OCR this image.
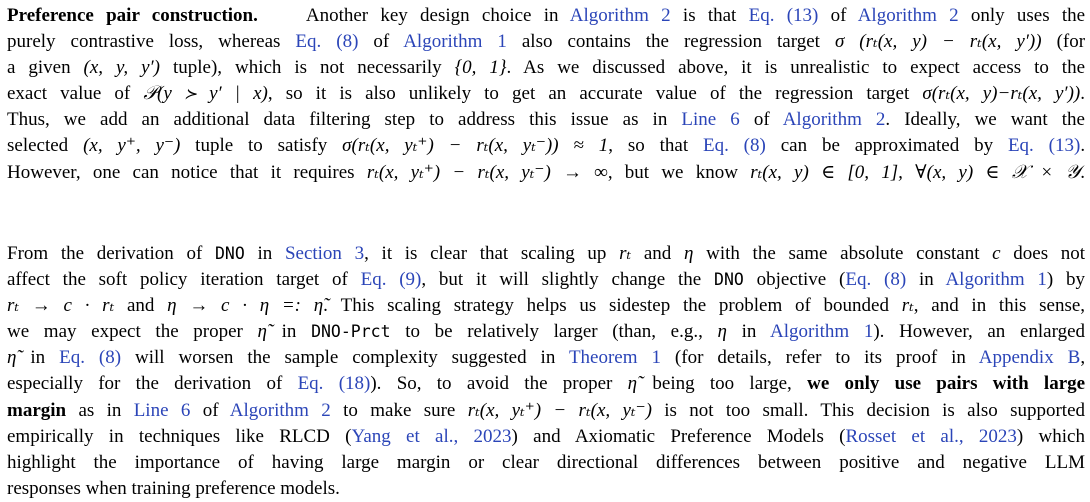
Preference pair construction.	Another key design choice in Algorithm 2 is that Eq. (13) of Algorithm 2 only uses the
purely contrastive loss, whereas Eq. (8) of Algorithm 1 also contains the regression target σ (rₜ(x, y) − rₜ(x, y′)) (for
a given (x, y, y′) tuple), which is not necessarily {0, 1}. As we discussed above, it is unrealistic to expect access to the
exact value of 𝒫(y ≻ y′ | x), so it is also unlikely to get an accurate value of the regression target σ(rₜ(x, y)−rₜ(x, y′)).
Thus, we add an additional data filtering step to address this issue as in Line 6 of Algorithm 2. Ideally, we want the
selected (x, y⁺, y⁻) tuple to satisfy σ(rₜ(x, yₜ⁺) − rₜ(x, yₜ⁻)) ≈ 1, so that Eq. (8) can be approximated by Eq. (13).
However, one can notice that it requires rₜ(x, yₜ⁺) − rₜ(x, yₜ⁻) → ∞, but we know rₜ(x, y) ∈ [0, 1], ∀(x, y) ∈ 𝒳 × 𝒴.
From the derivation of DNO in Section 3, it is clear that scaling up rₜ and η with the same absolute constant c does not
affect the soft policy iteration target of Eq. (9), but it will slightly change the DNO objective (Eq. (8) in Algorithm 1) by
rₜ → c · rₜ and η → c · η =: η̃. This scaling strategy helps us sidestep the problem of bounded rₜ, and in this sense,
we may expect the proper η̃ in DNO-Prct to be relatively larger (than, e.g., η in Algorithm 1). However, an enlarged
η̃ in Eq. (8) will worsen the sample complexity suggested in Theorem 1 (for details, refer to its proof in Appendix B,
especially for the derivation of Eq. (18)). So, to avoid the proper η̃ being too large, we only use pairs with large
margin as in Line 6 of Algorithm 2 to make sure rₜ(x, yₜ⁺) − rₜ(x, yₜ⁻) is not too small. This decision is also supported
empirically in techniques like RLCD (Yang et al., 2023) and Axiomatic Preference Models (Rosset et al., 2023) which
highlight the importance of having large margin or clear directional differences between positive and negative LLM
responses when training preference models.
